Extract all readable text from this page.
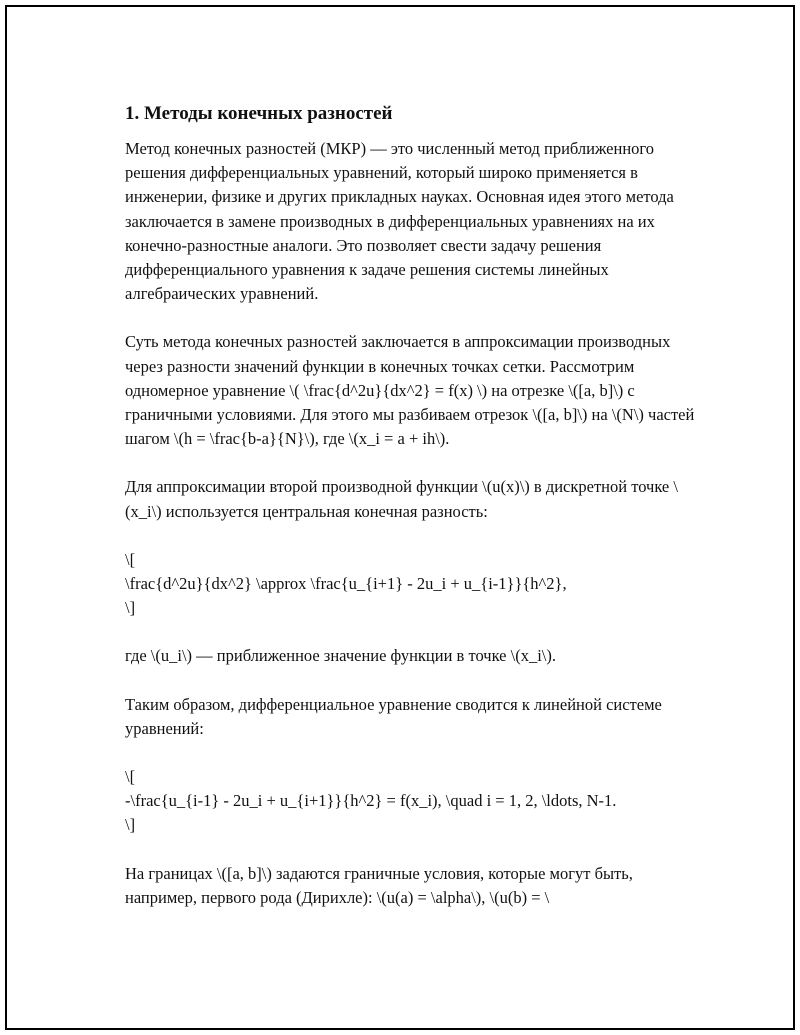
1. Методы конечных разностей

Метод конечных разностей (МКР) — это численный метод приближенного решения дифференциальных уравнений, который широко применяется в инженерии, физике и других прикладных науках. Основная идея этого метода заключается в замене производных в дифференциальных уравнениях на их конечно-разностные аналоги. Это позволяет свести задачу решения дифференциального уравнения к задаче решения системы линейных алгебраических уравнений.

Суть метода конечных разностей заключается в аппроксимации производных через разности значений функции в конечных точках сетки. Рассмотрим одномерное уравнение \( \frac{d^2u}{dx^2} = f(x) \) на отрезке \([a, b]\) с граничными условиями. Для этого мы разбиваем отрезок \([a, b]\) на \(N\) частей шагом \(h = \frac{b-a}{N}\), где \(x_i = a + ih\).

Для аппроксимации второй производной функции \(u(x)\) в дискретной точке \(x_i\) используется центральная конечная разность:

\[
\frac{d^2u}{dx^2} \approx \frac{u_{i+1} - 2u_i + u_{i-1}}{h^2},
\]

где \(u_i\) — приближенное значение функции в точке \(x_i\).

Таким образом, дифференциальное уравнение сводится к линейной системе уравнений:

\[
-\frac{u_{i-1} - 2u_i + u_{i+1}}{h^2} = f(x_i), \quad i = 1, 2, \ldots, N-1.
\]

На границах \([a, b]\) задаются граничные условия, которые могут быть, например, первого рода (Дирихле): \(u(a) = \alpha\), \(u(b) = \
